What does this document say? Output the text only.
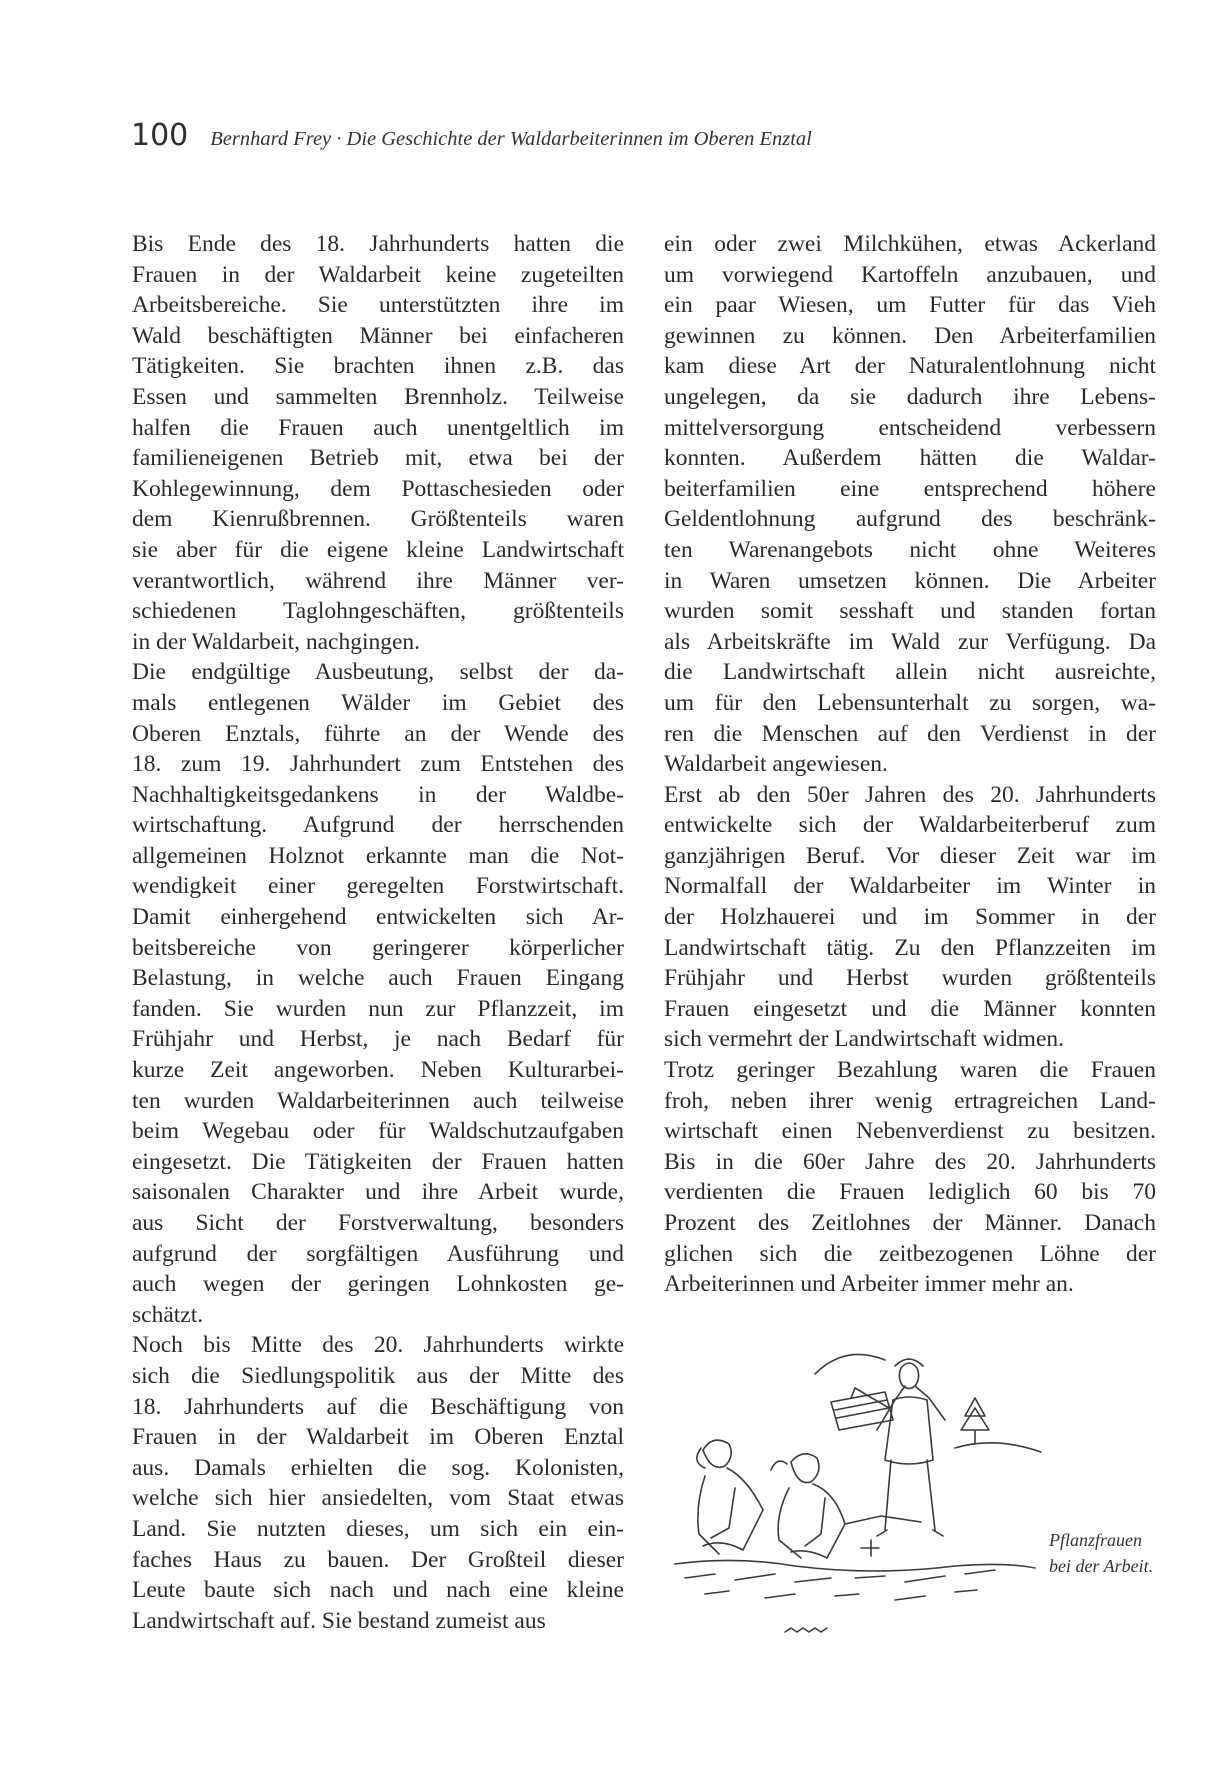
100 Bernhard Frey · Die Geschichte der Waldarbeiterinnen im Oberen Enztal
Bis Ende des 18. Jahrhunderts hatten die
Frauen in der Waldarbeit keine zugeteilten
Arbeitsbereiche. Sie unterstützten ihre im
Wald beschäftigten Männer bei einfacheren
Tätigkeiten. Sie brachten ihnen z.B. das
Essen und sammelten Brennholz. Teilweise
halfen die Frauen auch unentgeltlich im
familieneigenen Betrieb mit, etwa bei der
Kohlegewinnung, dem Pottaschesieden oder
dem Kienrußbrennen. Größtenteils waren
sie aber für die eigene kleine Landwirtschaft
verantwortlich, während ihre Männer ver-
schiedenen Taglohngeschäften, größtenteils
in der Waldarbeit, nachgingen.
Die endgültige Ausbeutung, selbst der da-
mals entlegenen Wälder im Gebiet des
Oberen Enztals, führte an der Wende des
18. zum 19. Jahrhundert zum Entstehen des
Nachhaltigkeitsgedankens in der Waldbe-
wirtschaftung. Aufgrund der herrschenden
allgemeinen Holznot erkannte man die Not-
wendigkeit einer geregelten Forstwirtschaft.
Damit einhergehend entwickelten sich Ar-
beitsbereiche von geringerer körperlicher
Belastung, in welche auch Frauen Eingang
fanden. Sie wurden nun zur Pflanzzeit, im
Frühjahr und Herbst, je nach Bedarf für
kurze Zeit angeworben. Neben Kulturarbei-
ten wurden Waldarbeiterinnen auch teilweise
beim Wegebau oder für Waldschutzaufgaben
eingesetzt. Die Tätigkeiten der Frauen hatten
saisonalen Charakter und ihre Arbeit wurde,
aus Sicht der Forstverwaltung, besonders
aufgrund der sorgfältigen Ausführung und
auch wegen der geringen Lohnkosten ge-
schätzt.
Noch bis Mitte des 20. Jahrhunderts wirkte
sich die Siedlungspolitik aus der Mitte des
18. Jahrhunderts auf die Beschäftigung von
Frauen in der Waldarbeit im Oberen Enztal
aus. Damals erhielten die sog. Kolonisten,
welche sich hier ansiedelten, vom Staat etwas
Land. Sie nutzten dieses, um sich ein ein-
faches Haus zu bauen. Der Großteil dieser
Leute baute sich nach und nach eine kleine
Landwirtschaft auf. Sie bestand zumeist aus
ein oder zwei Milchkühen, etwas Ackerland
um vorwiegend Kartoffeln anzubauen, und
ein paar Wiesen, um Futter für das Vieh
gewinnen zu können. Den Arbeiterfamilien
kam diese Art der Naturalentlohnung nicht
ungelegen, da sie dadurch ihre Lebens-
mittelversorgung entscheidend verbessern
konnten. Außerdem hätten die Waldar-
beiterfamilien eine entsprechend höhere
Geldentlohnung aufgrund des beschränk-
ten Warenangebots nicht ohne Weiteres
in Waren umsetzen können. Die Arbeiter
wurden somit sesshaft und standen fortan
als Arbeitskräfte im Wald zur Verfügung. Da
die Landwirtschaft allein nicht ausreichte,
um für den Lebensunterhalt zu sorgen, wa-
ren die Menschen auf den Verdienst in der
Waldarbeit angewiesen.
Erst ab den 50er Jahren des 20. Jahrhunderts
entwickelte sich der Waldarbeiterberuf zum
ganzjährigen Beruf. Vor dieser Zeit war im
Normalfall der Waldarbeiter im Winter in
der Holzhauerei und im Sommer in der
Landwirtschaft tätig. Zu den Pflanzzeiten im
Frühjahr und Herbst wurden größtenteils
Frauen eingesetzt und die Männer konnten
sich vermehrt der Landwirtschaft widmen.
Trotz geringer Bezahlung waren die Frauen
froh, neben ihrer wenig ertragreichen Land-
wirtschaft einen Nebenverdienst zu besitzen.
Bis in die 60er Jahre des 20. Jahrhunderts
verdienten die Frauen lediglich 60 bis 70
Prozent des Zeitlohnes der Männer. Danach
glichen sich die zeitbezogenen Löhne der
Arbeiterinnen und Arbeiter immer mehr an.
Pflanzfrauen
bei der Arbeit.
